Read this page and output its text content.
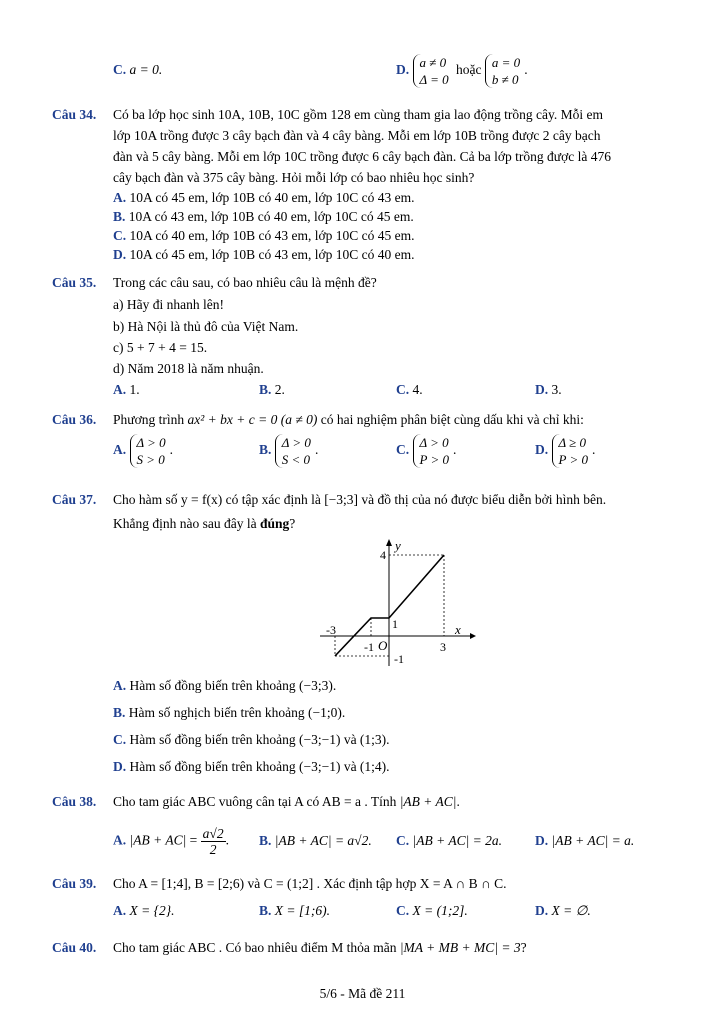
C. a = 0.	D. a ≠ 0
Δ = 0
hoặc a = 0
b ≠ 0
.
Câu 34. Có ba lớp học sinh 10A, 10B, 10C gồm 128 em cùng tham gia lao động trồng cây. Mỗi em
lớp 10A trồng được 3 cây bạch đàn và 4 cây bàng. Mỗi em lớp 10B trồng được 2 cây bạch
đàn và 5 cây bàng. Mỗi em lớp 10C trồng được 6 cây bạch đàn. Cả ba lớp trồng được là 476
cây bạch đàn và 375 cây bàng. Hỏi mỗi lớp có bao nhiêu học sinh?
A. 10A có 45 em, lớp 10B có 40 em, lớp 10C có 43 em.
B. 10A có 43 em, lớp 10B có 40 em, lớp 10C có 45 em.
C. 10A có 40 em, lớp 10B có 43 em, lớp 10C có 45 em.
D. 10A có 45 em, lớp 10B có 43 em, lớp 10C có 40 em.
Câu 35. Trong các câu sau, có bao nhiêu câu là mệnh đề?
a) Hãy đi nhanh lên!
b) Hà Nội là thủ đô của Việt Nam.
c) 5 + 7 + 4 = 15.
d) Năm 2018 là năm nhuận.
A. 1.	B. 2.	C. 4.	D. 3.
Câu 36. Phương trình ax² + bx + c = 0 (a ≠ 0) có hai nghiệm phân biệt cùng dấu khi và chỉ khi:
A. Δ > 0
S > 0
.	B. Δ > 0
S < 0
.	C. Δ > 0
P > 0
.	D. Δ ≥ 0
P > 0
.
Câu 37. Cho hàm số y = f(x) có tập xác định là [−3;3] và đồ thị của nó được biểu diễn bởi hình bên.
Khẳng định nào sau đây là đúng?
y
x
4
1
-3
-1 O	3
-1
A. Hàm số đồng biến trên khoảng (−3;3).
B. Hàm số nghịch biến trên khoảng (−1;0).
C. Hàm số đồng biến trên khoảng (−3;−1) và (1;3).
D. Hàm số đồng biến trên khoảng (−3;−1) và (1;4).
Câu 38. Cho tam giác ABC vuông cân tại A có AB = a . Tính |AB + AC|.
A. $|AB + AC| = \frac{a√2}{2}$ . B. |AB + AC| = a√2. C. |AB + AC| = 2a. D. |AB + AC| = a.
Câu 39. Cho A = [1;4], B = [2;6) và C = (1;2] . Xác định tập hợp X = A ∩ B ∩ C.
A. X = {2}.	B. X = [1;6).	C. X = (1;2].	D. X = ∅.
Câu 40. Cho tam giác ABC . Có bao nhiêu điểm M thỏa mãn |MA + MB + MC| = 3?
5/6 - Mã đề 211
